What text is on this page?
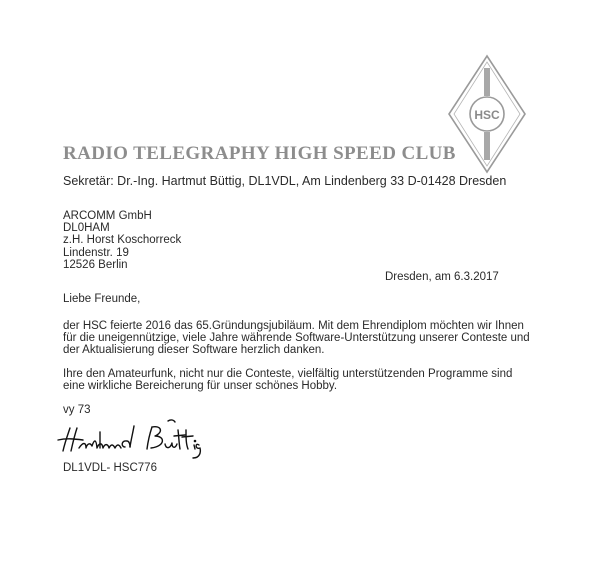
HSC
RADIO TELEGRAPHY HIGH SPEED CLUB
Sekretär: Dr.-Ing. Hartmut Büttig, DL1VDL, Am Lindenberg 33 D-01428 Dresden
ARCOMM GmbH
DL0HAM
z.H. Horst Koschorreck
Lindenstr. 19
12526 Berlin
Dresden, am 6.3.2017
Liebe Freunde,
der HSC feierte 2016 das 65.Gründungsjubiläum. Mit dem Ehrendiplom möchten wir Ihnen
für die uneigennützige, viele Jahre währende Software-Unterstützung unserer Conteste und
der Aktualisierung dieser Software herzlich danken.
Ihre den Amateurfunk, nicht nur die Conteste, vielfältig unterstützenden Programme sind
eine wirkliche Bereicherung für unser schönes Hobby.
vy 73
DL1VDL- HSC776
